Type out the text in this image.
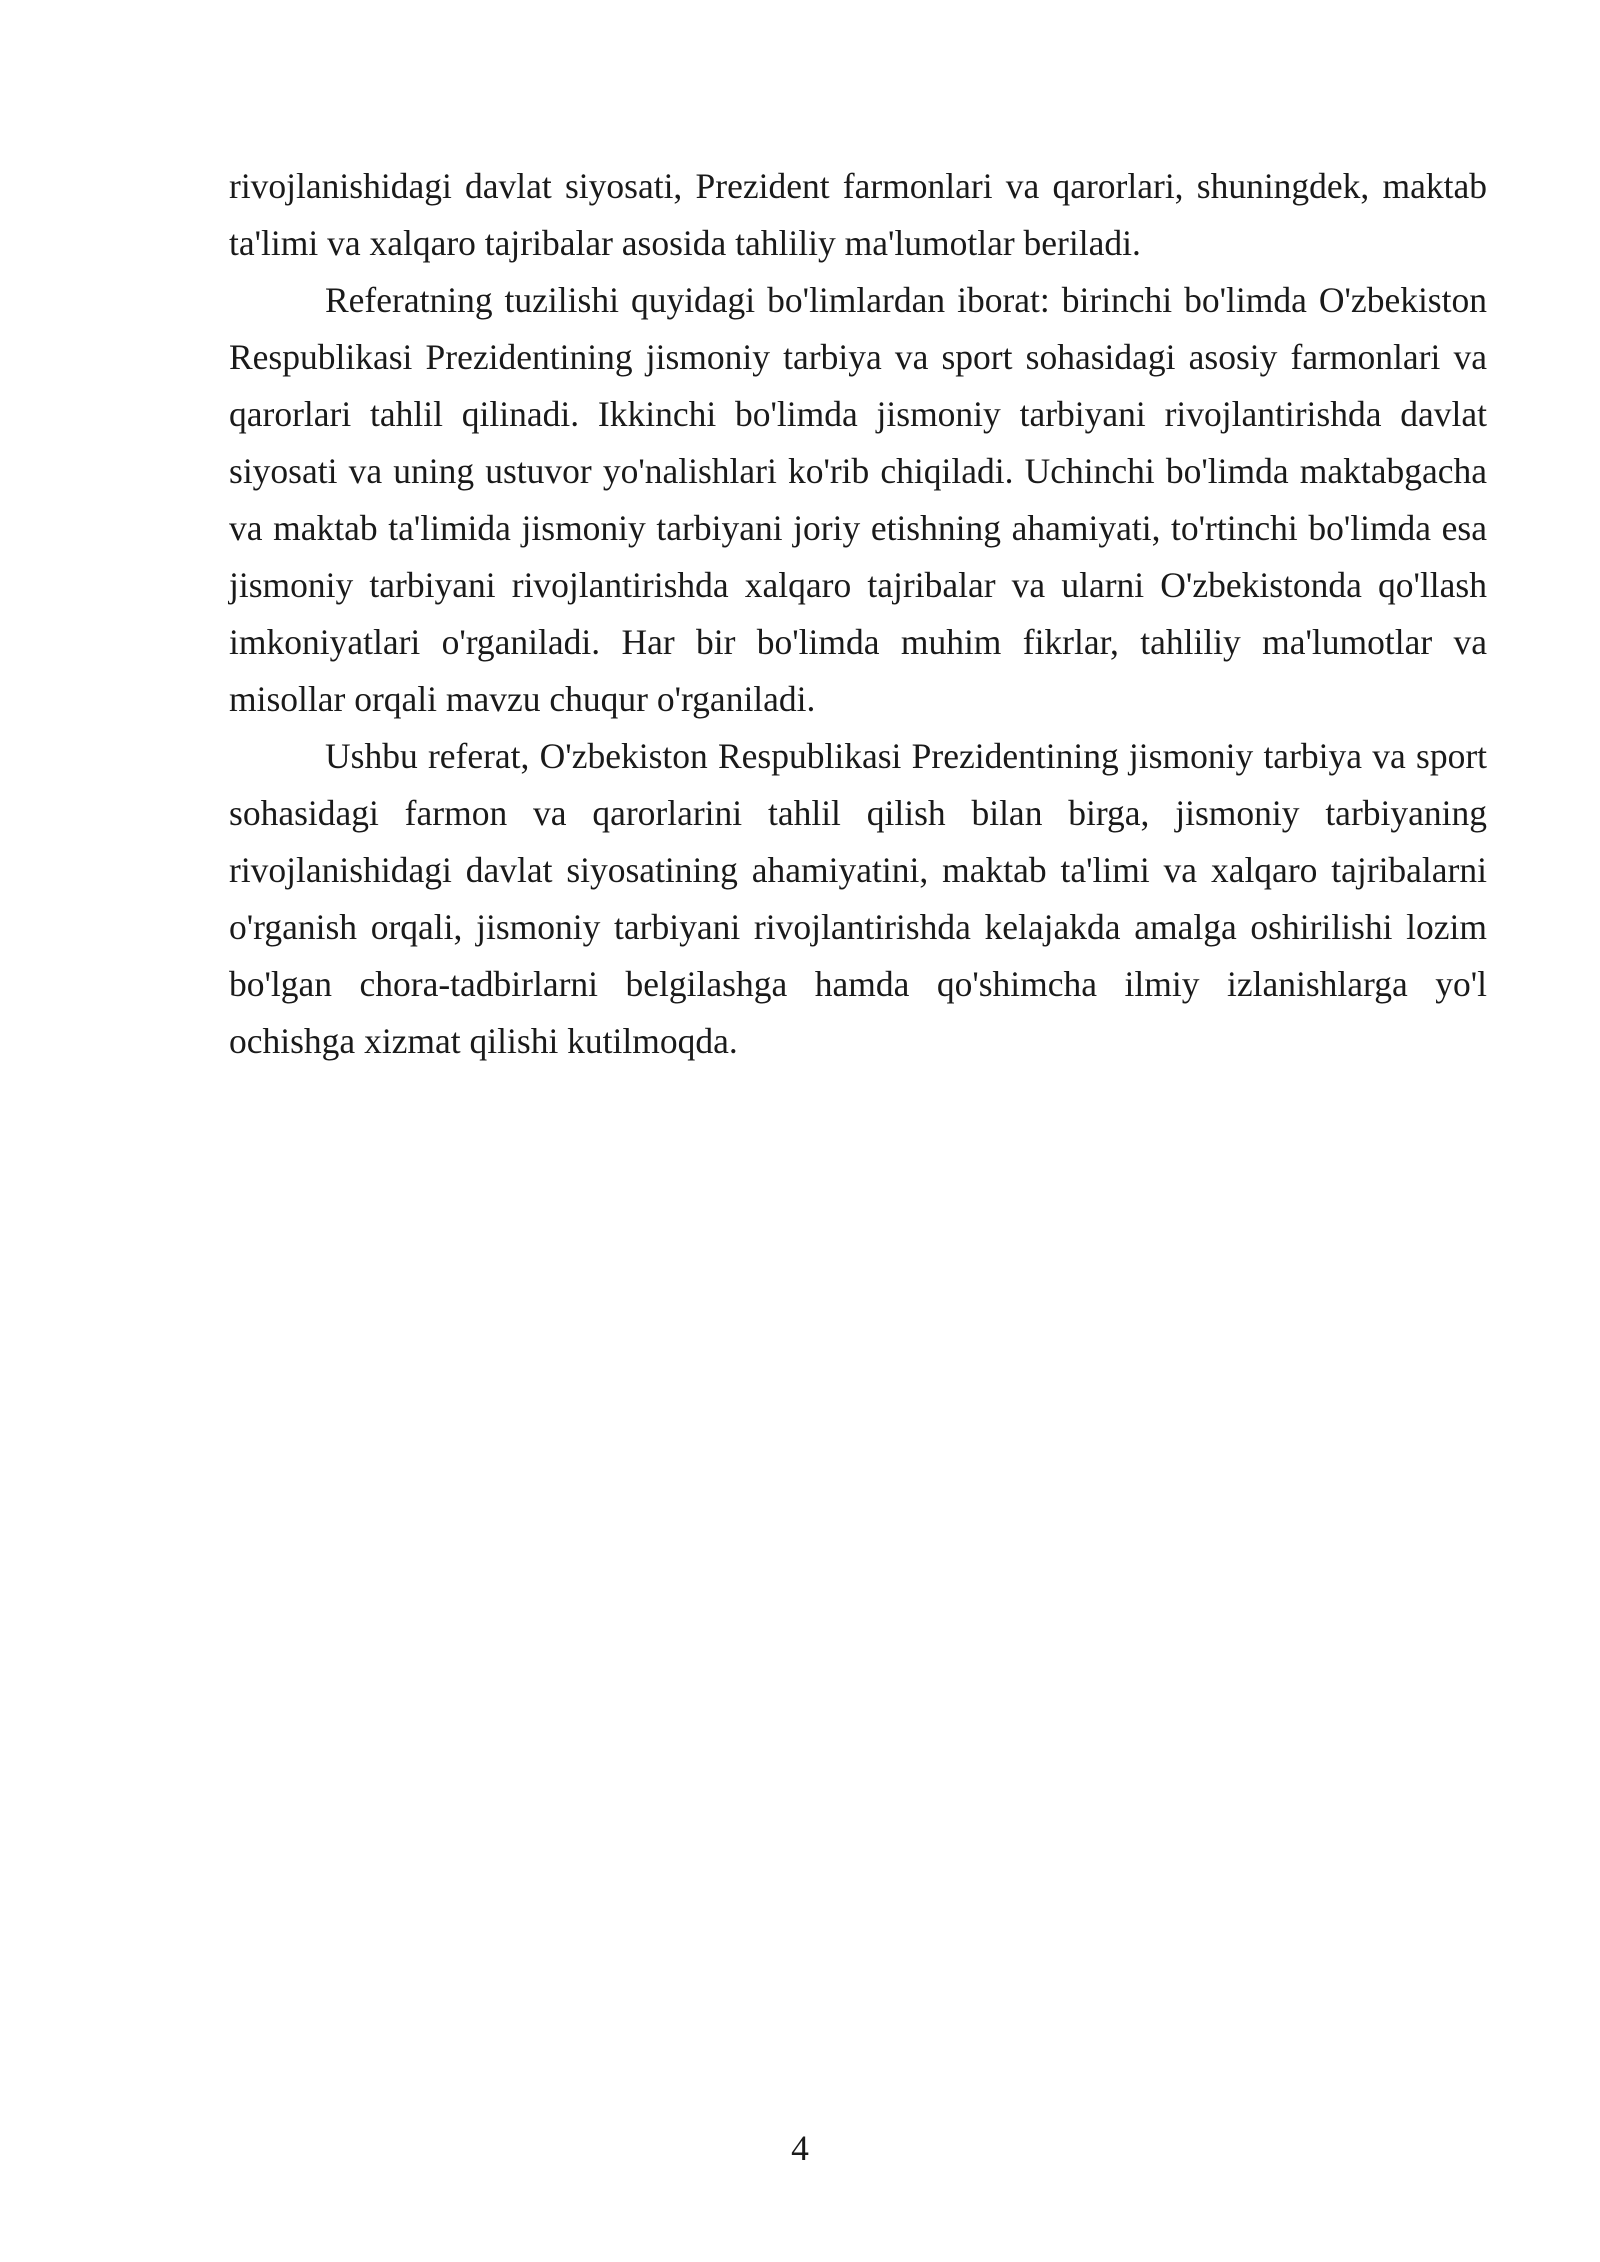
rivojlanishidagi davlat siyosati, Prezident farmonlari va qarorlari, shuningdek, maktab ta'limi va xalqaro tajribalar asosida tahliliy ma'lumotlar beriladi.

Referatning tuzilishi quyidagi bo'limlardan iborat: birinchi bo'limda O'zbekiston Respublikasi Prezidentining jismoniy tarbiya va sport sohasidagi asosiy farmonlari va qarorlari tahlil qilinadi. Ikkinchi bo'limda jismoniy tarbiyani rivojlantirishda davlat siyosati va uning ustuvor yo'nalishlari ko'rib chiqiladi. Uchinchi bo'limda maktabgacha va maktab ta'limida jismoniy tarbiyani joriy etishning ahamiyati, to'rtinchi bo'limda esa jismoniy tarbiyani rivojlantirishda xalqaro tajribalar va ularni O'zbekistonda qo'llash imkoniyatlari o'rganiladi. Har bir bo'limda muhim fikrlar, tahliliy ma'lumotlar va misollar orqali mavzu chuqur o'rganiladi.

Ushbu referat, O'zbekiston Respublikasi Prezidentining jismoniy tarbiya va sport sohasidagi farmon va qarorlarini tahlil qilish bilan birga, jismoniy tarbiyaning rivojlanishidagi davlat siyosatining ahamiyatini, maktab ta'limi va xalqaro tajribalarni o'rganish orqali, jismoniy tarbiyani rivojlantirishda kelajakda amalga oshirilishi lozim bo'lgan chora-tadbirlarni belgilashga hamda qo'shimcha ilmiy izlanishlarga yo'l ochishga xizmat qilishi kutilmoqda.

4
